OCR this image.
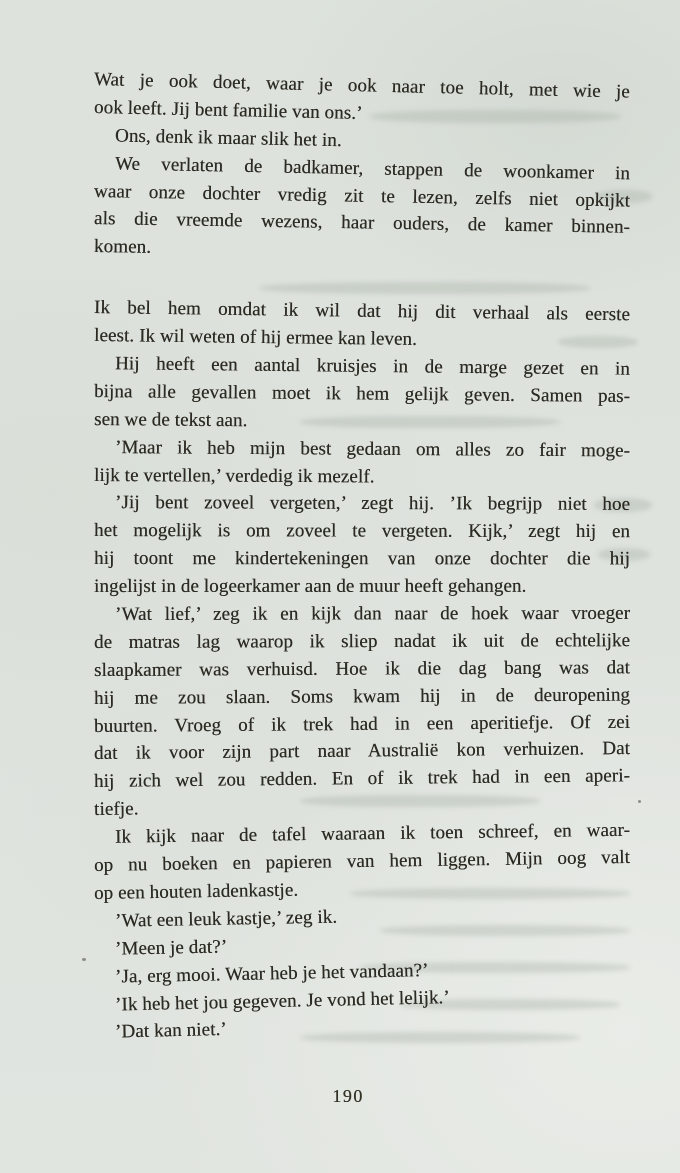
Wat je ook doet, waar je ook naar toe holt, met wie je
ook leeft. Jij bent familie van ons.’
Ons, denk ik maar slik het in.
We verlaten de badkamer, stappen de woonkamer in
waar onze dochter vredig zit te lezen, zelfs niet opkijkt
als die vreemde wezens, haar ouders, de kamer binnen-
komen.
Ik bel hem omdat ik wil dat hij dit verhaal als eerste
leest. Ik wil weten of hij ermee kan leven.
Hij heeft een aantal kruisjes in de marge gezet en in
bijna alle gevallen moet ik hem gelijk geven. Samen pas-
sen we de tekst aan.
’Maar ik heb mijn best gedaan om alles zo fair moge-
lijk te vertellen,’ verdedig ik mezelf.
’Jij bent zoveel vergeten,’ zegt hij. ’Ik begrijp niet hoe
het mogelijk is om zoveel te vergeten. Kijk,’ zegt hij en
hij toont me kindertekeningen van onze dochter die hij
ingelijst in de logeerkamer aan de muur heeft gehangen.
’Wat lief,’ zeg ik en kijk dan naar de hoek waar vroeger
de matras lag waarop ik sliep nadat ik uit de echtelijke
slaapkamer was verhuisd. Hoe ik die dag bang was dat
hij me zou slaan. Soms kwam hij in de deuropening
buurten. Vroeg of ik trek had in een aperitiefje. Of zei
dat ik voor zijn part naar Australië kon verhuizen. Dat
hij zich wel zou redden. En of ik trek had in een aperi-
tiefje.
Ik kijk naar de tafel waaraan ik toen schreef, en waar-
op nu boeken en papieren van hem liggen. Mijn oog valt
op een houten ladenkastje.
’Wat een leuk kastje,’ zeg ik.
’Meen je dat?’
’Ja, erg mooi. Waar heb je het vandaan?’
’Ik heb het jou gegeven. Je vond het lelijk.’
’Dat kan niet.’
190
